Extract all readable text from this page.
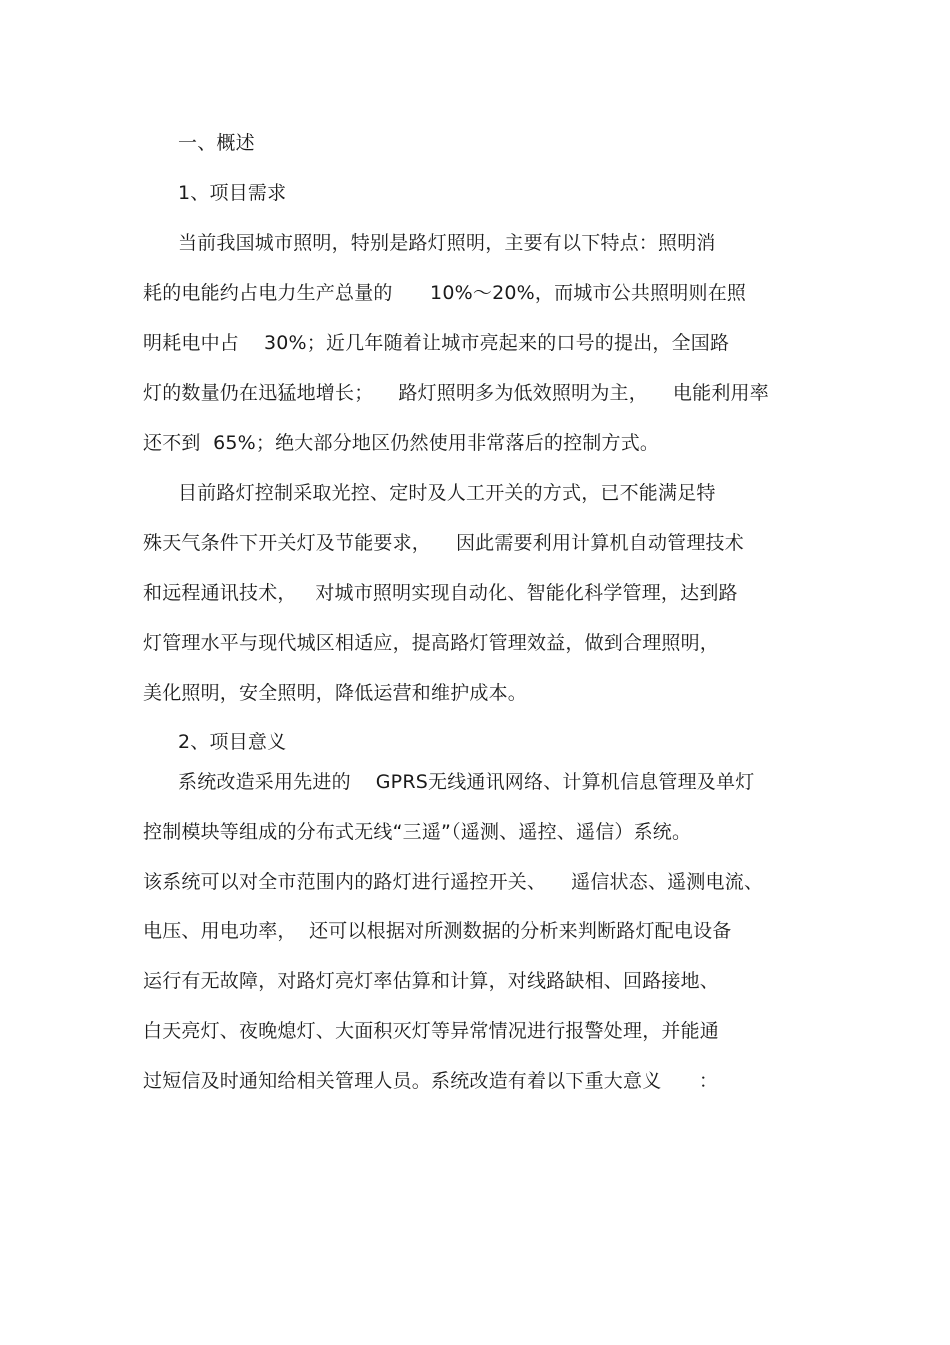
一、概述
1、项目需求
当前我国城市照明，特别是路灯照明，主要有以下特点：照明消
耗的电能约占电力生产总量的      10%～20%，而城市公共照明则在照
明耗电中占    30%；近几年随着让城市亮起来的口号的提出，全国路
灯的数量仍在迅猛地增长；    路灯照明多为低效照明为主，    电能利用率
还不到  65%；绝大部分地区仍然使用非常落后的控制方式。
目前路灯控制采取光控、定时及人工开关的方式，已不能满足特
殊天气条件下开关灯及节能要求，    因此需要利用计算机自动管理技术
和远程通讯技术，   对城市照明实现自动化、智能化科学管理，达到路
灯管理水平与现代城区相适应，提高路灯管理效益，做到合理照明，
美化照明，安全照明，降低运营和维护成本。
2、项目意义
系统改造采用先进的    GPRS无线通讯网络、计算机信息管理及单灯
控制模块等组成的分布式无线“三遥”（遥测、遥控、遥信）系统。
该系统可以对全市范围内的路灯进行遥控开关、    遥信状态、遥测电流、
电压、用电功率，  还可以根据对所测数据的分析来判断路灯配电设备
运行有无故障，对路灯亮灯率估算和计算，对线路缺相、回路接地、
白天亮灯、夜晚熄灯、大面积灭灯等异常情况进行报警处理，并能通
过短信及时通知给相关管理人员。系统改造有着以下重大意义      ：
